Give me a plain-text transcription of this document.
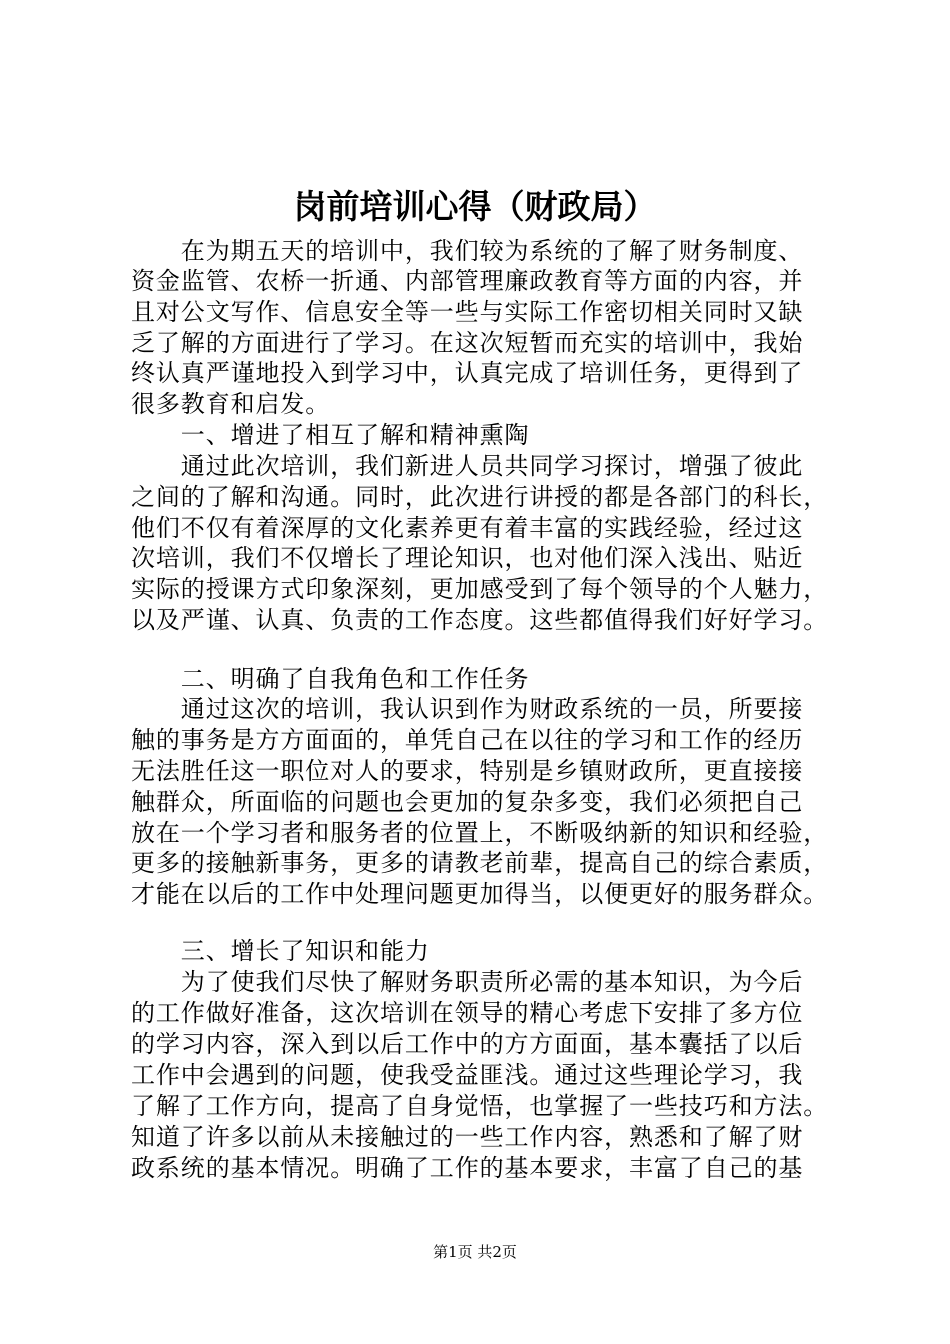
岗前培训心得（财政局）
　　在为期五天的培训中，我们较为系统的了解了财务制度、
资金监管、农桥一折通、内部管理廉政教育等方面的内容，并
且对公文写作、信息安全等一些与实际工作密切相关同时又缺
乏了解的方面进行了学习。在这次短暂而充实的培训中，我始
终认真严谨地投入到学习中，认真完成了培训任务，更得到了
很多教育和启发。
　　一、增进了相互了解和精神熏陶
　　通过此次培训，我们新进人员共同学习探讨，增强了彼此
之间的了解和沟通。同时，此次进行讲授的都是各部门的科长，
他们不仅有着深厚的文化素养更有着丰富的实践经验，经过这
次培训，我们不仅增长了理论知识，也对他们深入浅出、贴近
实际的授课方式印象深刻，更加感受到了每个领导的个人魅力，
以及严谨、认真、负责的工作态度。这些都值得我们好好学习。
　　二、明确了自我角色和工作任务
　　通过这次的培训，我认识到作为财政系统的一员，所要接
触的事务是方方面面的，单凭自己在以往的学习和工作的经历
无法胜任这一职位对人的要求，特别是乡镇财政所，更直接接
触群众，所面临的问题也会更加的复杂多变，我们必须把自己
放在一个学习者和服务者的位置上，不断吸纳新的知识和经验，
更多的接触新事务，更多的请教老前辈，提高自己的综合素质，
才能在以后的工作中处理问题更加得当，以便更好的服务群众。
　　三、增长了知识和能力
　　为了使我们尽快了解财务职责所必需的基本知识，为今后
的工作做好准备，这次培训在领导的精心考虑下安排了多方位
的学习内容，深入到以后工作中的方方面面，基本囊括了以后
工作中会遇到的问题，使我受益匪浅。通过这些理论学习，我
了解了工作方向，提高了自身觉悟，也掌握了一些技巧和方法。
知道了许多以前从未接触过的一些工作内容，熟悉和了解了财
政系统的基本情况。明确了工作的基本要求，丰富了自己的基
第1页 共2页
